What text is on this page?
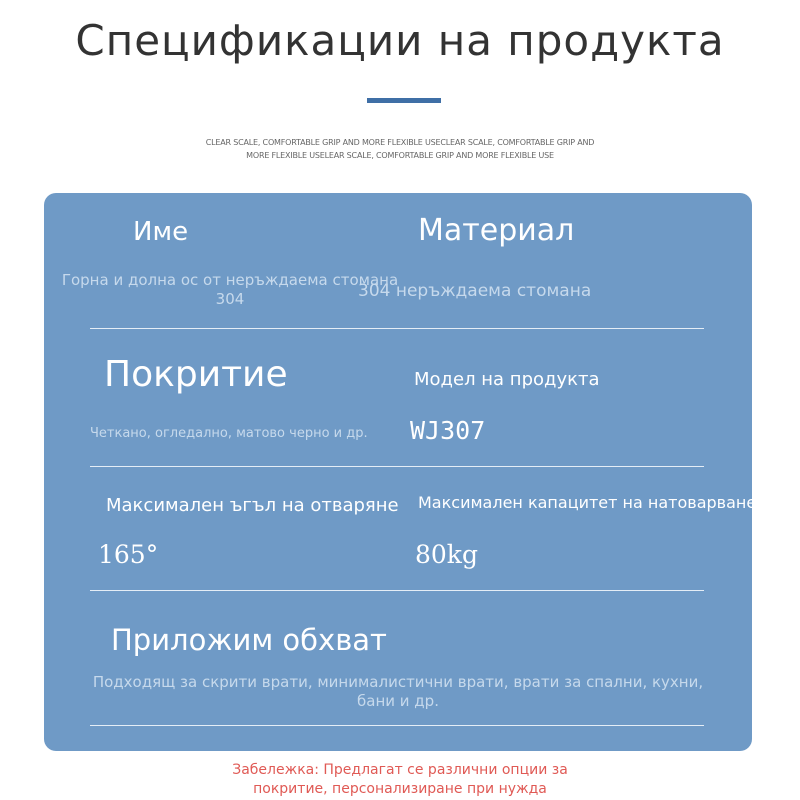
Спецификации на продукта
CLEAR SCALE, COMFORTABLE GRIP AND MORE FLEXIBLE USECLEAR SCALE, COMFORTABLE GRIP AND MORE FLEXIBLE USELEAR SCALE, COMFORTABLE GRIP AND MORE FLEXIBLE USE
Име
Горна и долна ос от неръждаема стомана 304
Материал
304 неръждаема стомана
Покритие
Четкано, огледално, матово черно и др.
Модел на продукта
WJ307
Максимален ъгъл на отваряне
165°
Максимален капацитет на натоварване
80kg
Приложим обхват
Подходящ за скрити врати, минималистични врати, врати за спални, кухни, бани и др.
Забележка: Предлагат се различни опции за покритие, персонализиране при нужда
